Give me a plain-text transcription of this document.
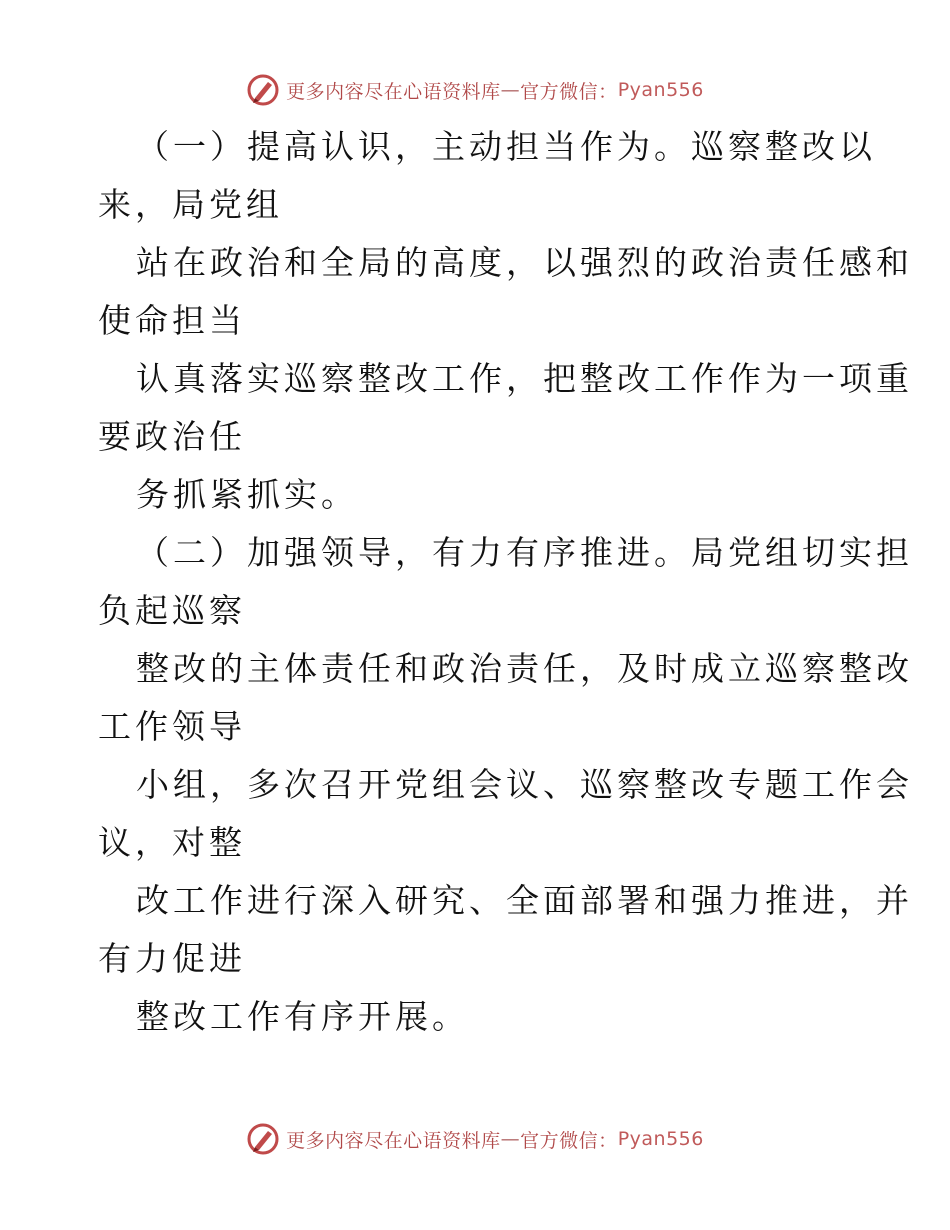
更多内容尽在心语资料库 — 官方微信： Pyan556
（一）提高认识，主动担当作为。巡察整改以
来，局党组
站在政治和全局的高度，以强烈的政治责任感和
使命担当
认真落实巡察整改工作，把整改工作作为一项重
要政治任
务抓紧抓实。
（二）加强领导，有力有序推进。局党组切实担
负起巡察
整改的主体责任和政治责任，及时成立巡察整改
工作领导
小组，多次召开党组会议、巡察整改专题工作会
议，对整
改工作进行深入研究、全面部署和强力推进，并
有力促进
整改工作有序开展。
更多内容尽在心语资料库 — 官方微信： Pyan556
